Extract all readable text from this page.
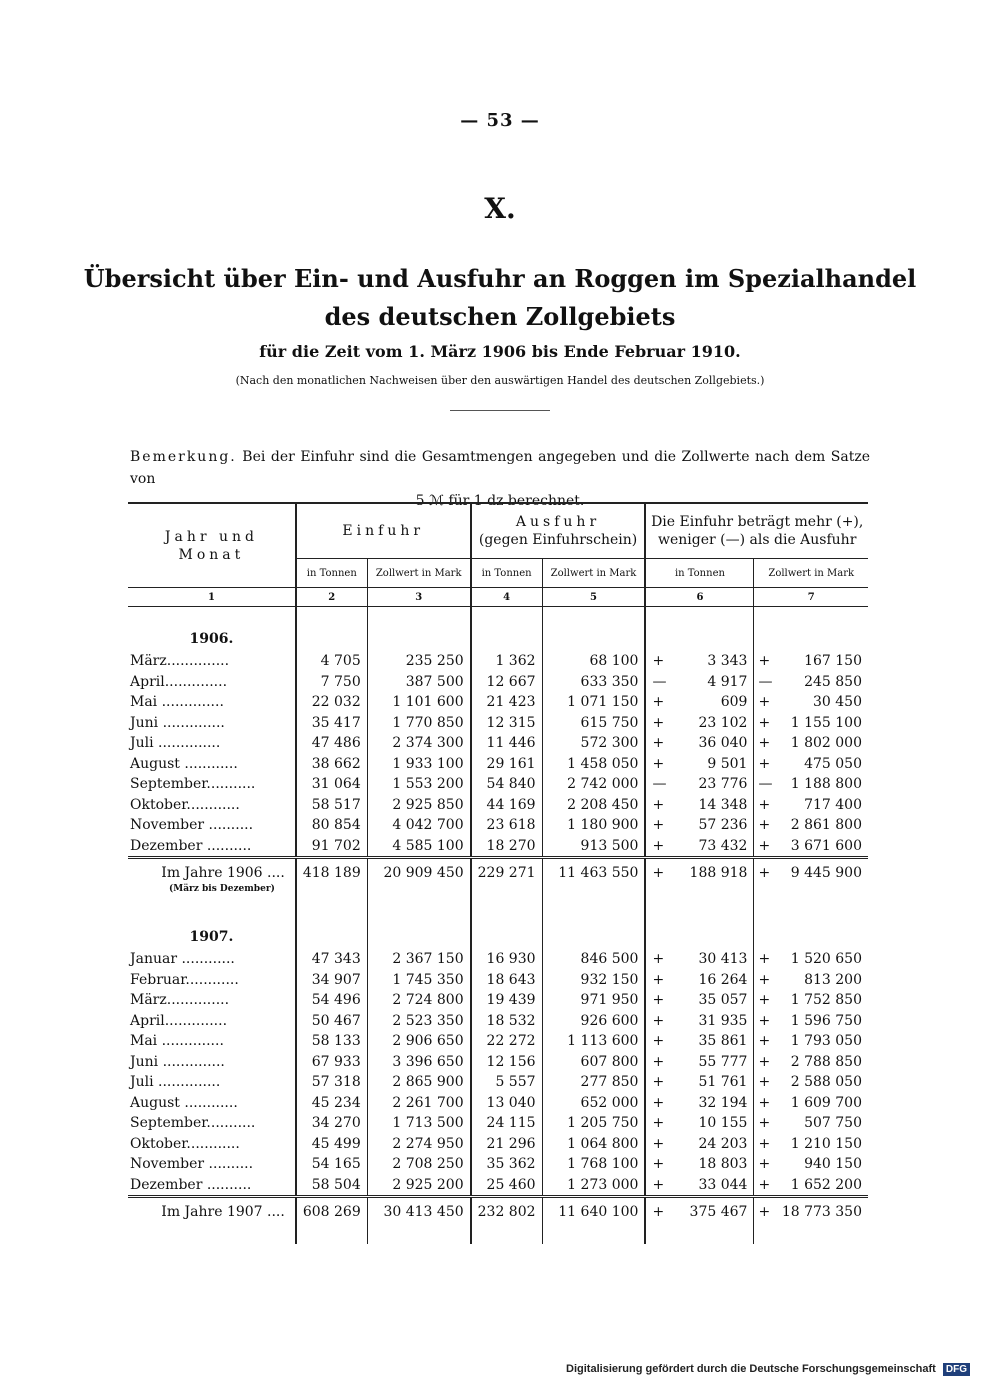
— 53 —
X.
Übersicht über Ein- und Ausfuhr an Roggen im Spezialhandel
des deutschen Zollgebiets
für die Zeit vom 1. März 1906 bis Ende Februar 1910.
(Nach den monatlichen Nachweisen über den auswärtigen Handel des deutschen Zollgebiets.)
Bemerkung. Bei der Einfuhr sind die Gesamtmengen angegeben und die Zollwerte nach dem Satze von
5 ℳ für 1 dz berechnet.
Jahr und Monat	Einfuhr		Ausfuhr
(gegen Einfuhrschein)		Die Einfuhr beträgt mehr (+),
weniger (—) als die Ausfuhr			
	in Tonnen	Zollwert in Mark	in Tonnen	Zollwert in Mark	in Tonnen		Zollwert in Mark	
1	2	3	4	5	6		7	
1906.								
März..............	4 705	235 250	1 362	68 100	+	3 343	+	167 150
April..............	7 750	387 500	12 667	633 350	—	4 917	—	245 850
Mai ..............	22 032	1 101 600	21 423	1 071 150	+	609	+	30 450
Juni ..............	35 417	1 770 850	12 315	615 750	+	23 102	+	1 155 100
Juli ..............	47 486	2 374 300	11 446	572 300	+	36 040	+	1 802 000
August ............	38 662	1 933 100	29 161	1 458 050	+	9 501	+	475 050
September...........	31 064	1 553 200	54 840	2 742 000	—	23 776	—	1 188 800
Oktober............	58 517	2 925 850	44 169	2 208 450	+	14 348	+	717 400
November ..........	80 854	4 042 700	23 618	1 180 900	+	57 236	+	2 861 800
Dezember ..........	91 702	4 585 100	18 270	913 500	+	73 432	+	3 671 600
Im Jahre 1906 ....
(März bis Dezember)	418 189	20 909 450	229 271	11 463 550	+	188 918	+	9 445 900
1907.								
Januar ............	47 343	2 367 150	16 930	846 500	+	30 413	+	1 520 650
Februar............	34 907	1 745 350	18 643	932 150	+	16 264	+	813 200
März..............	54 496	2 724 800	19 439	971 950	+	35 057	+	1 752 850
April..............	50 467	2 523 350	18 532	926 600	+	31 935	+	1 596 750
Mai ..............	58 133	2 906 650	22 272	1 113 600	+	35 861	+	1 793 050
Juni ..............	67 933	3 396 650	12 156	607 800	+	55 777	+	2 788 850
Juli ..............	57 318	2 865 900	5 557	277 850	+	51 761	+	2 588 050
August ............	45 234	2 261 700	13 040	652 000	+	32 194	+	1 609 700
September...........	34 270	1 713 500	24 115	1 205 750	+	10 155	+	507 750
Oktober............	45 499	2 274 950	21 296	1 064 800	+	24 203	+	1 210 150
November ..........	54 165	2 708 250	35 362	1 768 100	+	18 803	+	940 150
Dezember ..........	58 504	2 925 200	25 460	1 273 000	+	33 044	+	1 652 200
Im Jahre 1907 ....	608 269	30 413 450	232 802	11 640 100	+	375 467	+	18 773 350
Digitalisierung gefördert durch die Deutsche Forschungsgemeinschaft DFG
